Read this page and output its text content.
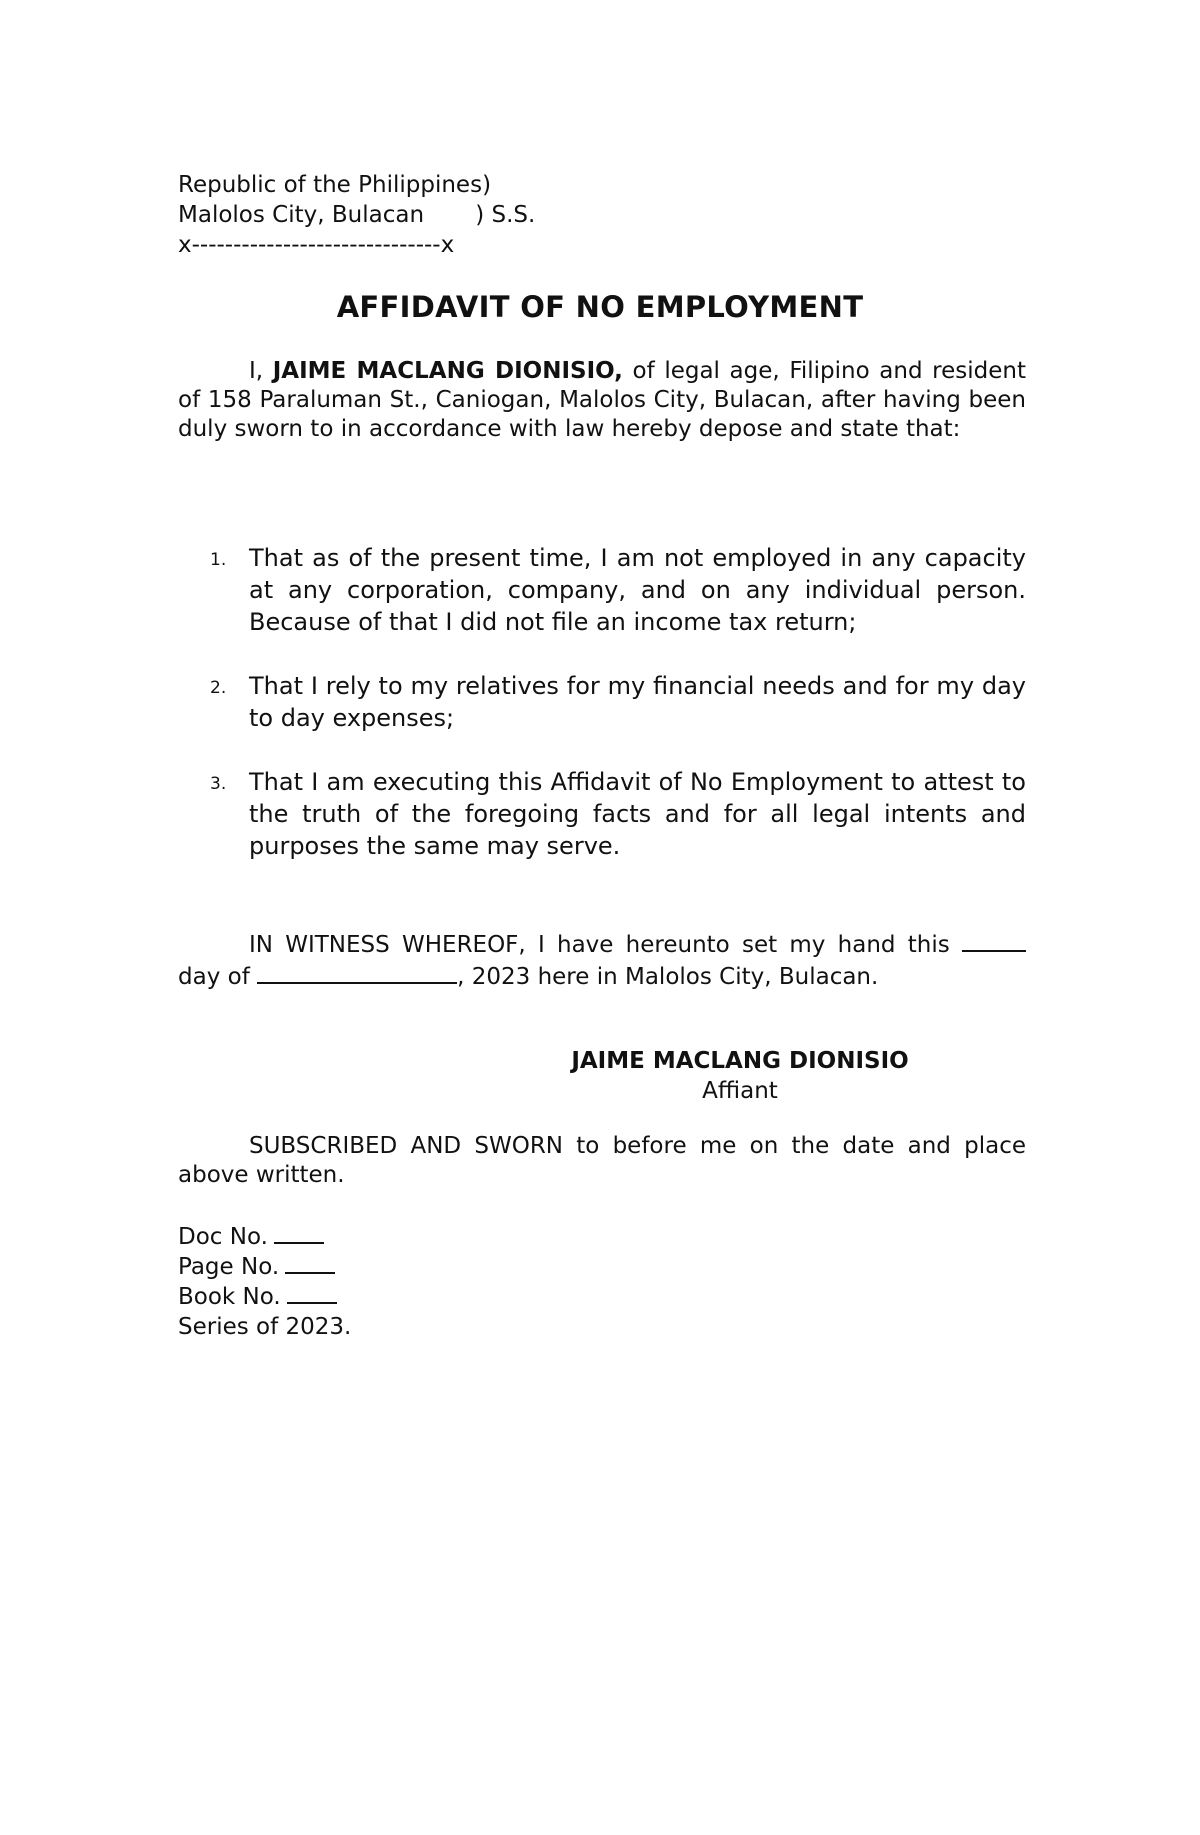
Republic of the Philippines)
Malolos City, Bulacan       ) S.S.
x------------------------------x
AFFIDAVIT OF NO EMPLOYMENT
I, JAIME MACLANG DIONISIO, of legal age, Filipino and resident of 158 Paraluman St., Caniogan, Malolos City, Bulacan, after having been duly sworn to in accordance with law hereby depose and state that:
1. That as of the present time, I am not employed in any capacity at any corporation, company, and on any individual person. Because of that I did not file an income tax return;
2. That I rely to my relatives for my financial needs and for my day to day expenses;
3. That I am executing this Affidavit of No Employment to attest to the truth of the foregoing facts and for all legal intents and purposes the same may serve.
IN WITNESS WHEREOF, I have hereunto set my hand this  day of	, 2023 here in Malolos City, Bulacan.
JAIME MACLANG DIONISIO
Affiant
SUBSCRIBED AND SWORN to before me on the date and place above written.
Doc No.
Page No.
Book No.
Series of 2023.
